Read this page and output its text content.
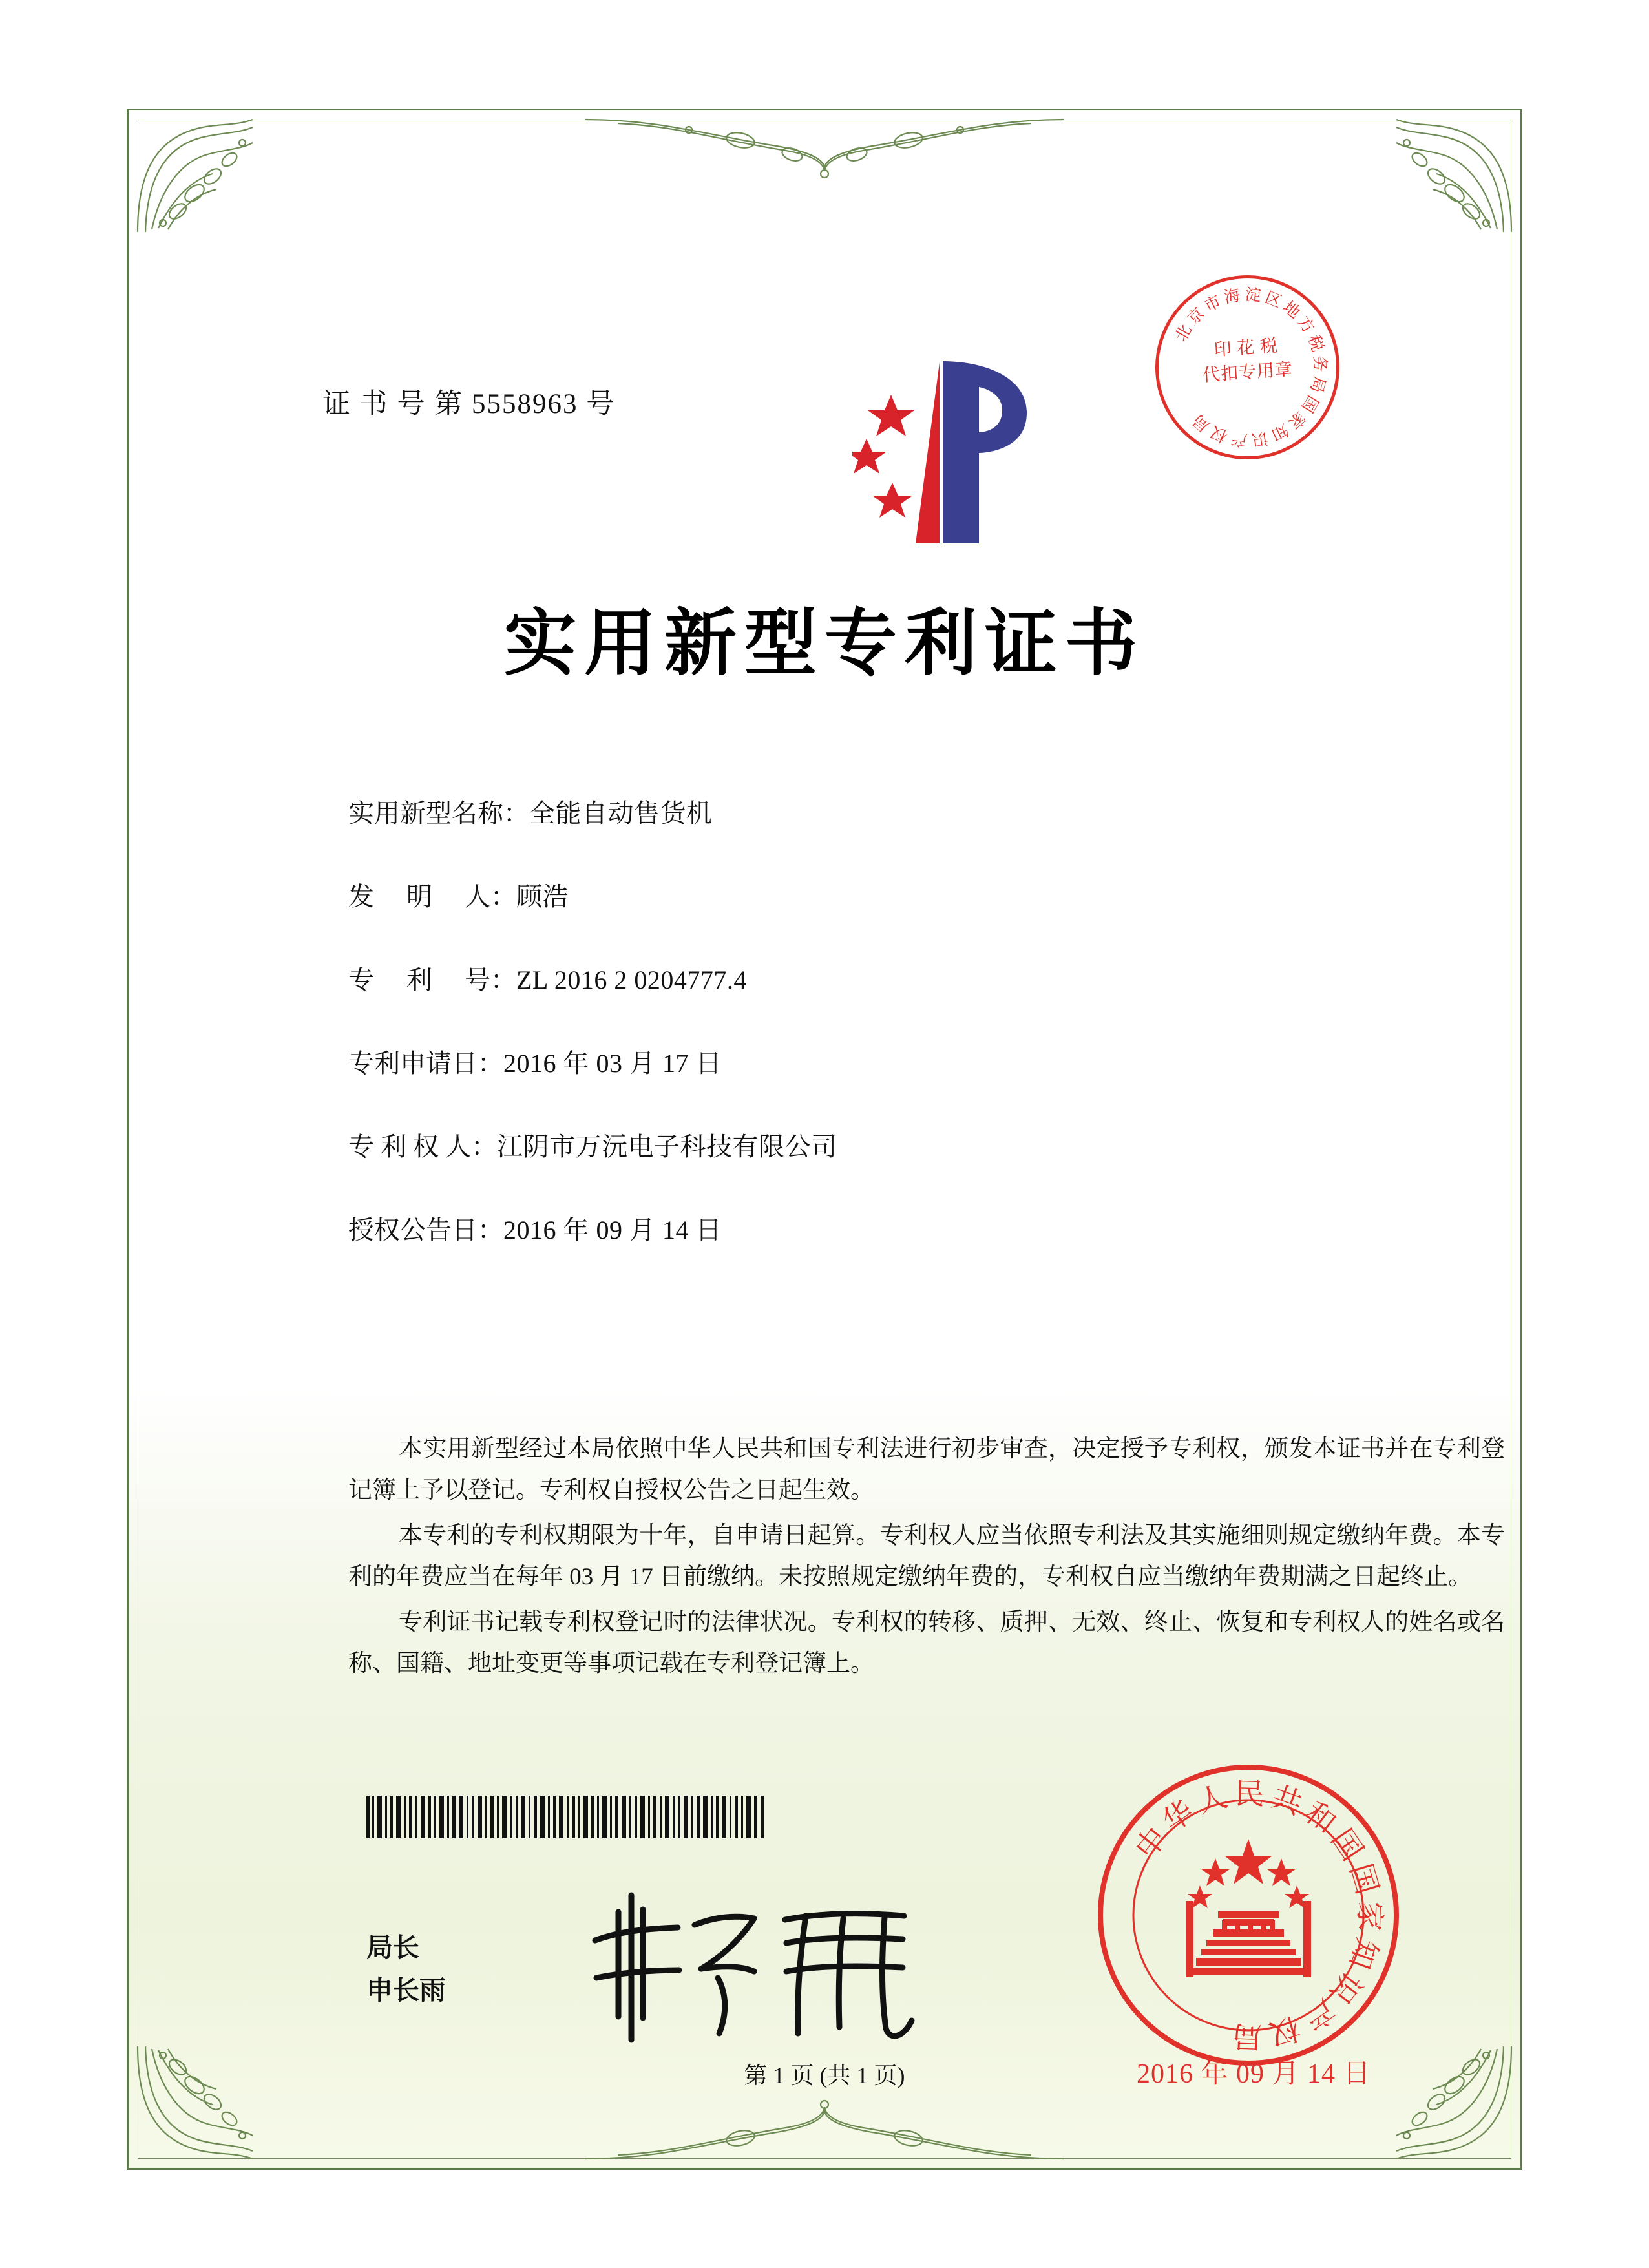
证 书 号 第 5558963 号
北京市海淀区地方税务局国家知识产权局
印 花 税
代扣专用章
实用新型专利证书
实用新型名称：全能自动售货机
发　 明　 人：顾浩
专　 利　 号：ZL 2016 2 0204777.4
专利申请日：2016 年 03 月 17 日
专 利 权 人：江阴市万沅电子科技有限公司
授权公告日：2016 年 09 月 14 日

本实用新型经过本局依照中华人民共和国专利法进行初步审查，决定授予专利权，颁发本证书并在专利登记簿上予以登记。专利权自授权公告之日起生效。

本专利的专利权期限为十年，自申请日起算。专利权人应当依照专利法及其实施细则规定缴纳年费。本专利的年费应当在每年 03 月 17 日前缴纳。未按照规定缴纳年费的，专利权自应当缴纳年费期满之日起终止。

专利证书记载专利权登记时的法律状况。专利权的转移、质押、无效、终止、恢复和专利权人的姓名或名称、国籍、地址变更等事项记载在专利登记簿上。

局长
申长雨
中华人民共和国国家知识产权局
2016 年 09 月 14 日
第 1 页 (共 1 页)
